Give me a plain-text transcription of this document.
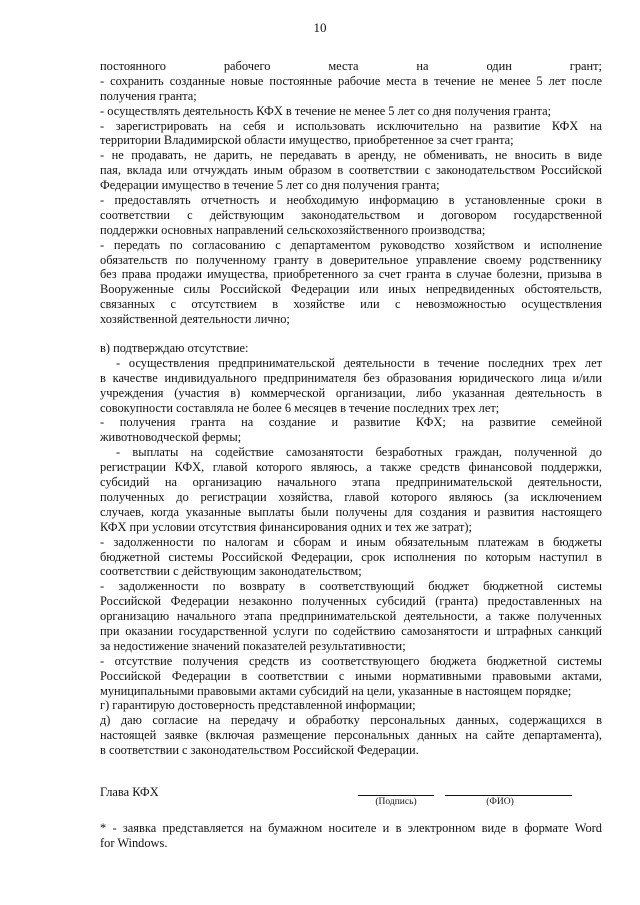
10
постоянного рабочего места на один грант;
- сохранить созданные новые постоянные рабочие места в течение не менее 5 лет после
получения гранта;
- осуществлять деятельность КФХ в течение не менее 5 лет со дня получения гранта;
- зарегистрировать на себя и использовать исключительно на развитие КФХ на
территории Владимирской области имущество, приобретенное за счет гранта;
- не продавать, не дарить, не передавать в аренду, не обменивать, не вносить в виде
пая, вклада или отчуждать иным образом в соответствии с законодательством Российской
Федерации имущество в течение 5 лет со дня получения гранта;
- предоставлять отчетность и необходимую информацию в установленные сроки в
соответствии с действующим законодательством и договором государственной
поддержки основных направлений сельскохозяйственного производства;
- передать по согласованию с департаментом руководство хозяйством и исполнение
обязательств по полученному гранту в доверительное управление своему родственнику
без права продажи имущества, приобретенного за счет гранта в случае болезни, призыва в
Вооруженные силы Российской Федерации или иных непредвиденных обстоятельств,
связанных с отсутствием в хозяйстве или с невозможностью осуществления
хозяйственной деятельности лично;
в) подтверждаю отсутствие:
- осуществления предпринимательской деятельности в течение последних трех лет
в качестве индивидуального предпринимателя без образования юридического лица и/или
учреждения (участия в) коммерческой организации, либо указанная деятельность в
совокупности составляла не более 6 месяцев в течение последних трех лет;
- получения гранта на создание и развитие КФХ; на развитие семейной
животноводческой фермы;
- выплаты на содействие самозанятости безработных граждан, полученной до
регистрации КФХ, главой которого являюсь, а также средств финансовой поддержки,
субсидий на организацию начального этапа предпринимательской деятельности,
полученных до регистрации хозяйства, главой которого являюсь (за исключением
случаев, когда указанные выплаты были получены для создания и развития настоящего
КФХ при условии отсутствия финансирования одних и тех же затрат);
- задолженности по налогам и сборам и иным обязательным платежам в бюджеты
бюджетной системы Российской Федерации, срок исполнения по которым наступил в
соответствии с действующим законодательством;
- задолженности по возврату в соответствующий бюджет бюджетной системы
Российской Федерации незаконно полученных субсидий (гранта) предоставленных на
организацию начального этапа предпринимательской деятельности, а также полученных
при оказании государственной услуги по содействию самозанятости и штрафных санкций
за недостижение значений показателей результативности;
- отсутствие получения средств из соответствующего бюджета бюджетной системы
Российской Федерации в соответствии с иными нормативными правовыми актами,
муниципальными правовыми актами субсидий на цели, указанные в настоящем порядке;
г) гарантирую достоверность представленной информации;
д) даю согласие на передачу и обработку персональных данных, содержащихся в
настоящей заявке (включая размещение персональных данных на сайте департамента),
в соответствии с законодательством Российской Федерации.
Глава КФХ
(Подпись)	(ФИО)
* - заявка представляется на бумажном носителе и в электронном виде в формате Word
for Windows.
